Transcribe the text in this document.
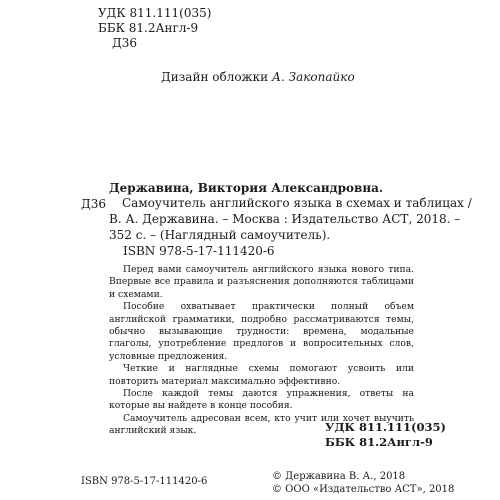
УДК 811.111(035)
ББК 81.2Англ-9
Д36
Дизайн обложки А. Закопайко
Державина, Виктория Александровна.
Д36 Самоучитель английского языка в схемах и таблицах /
В. А. Державина. – Москва : Издательство АСТ, 2018. –
352 с. – (Наглядный самоучитель).
ISBN 978-5-17-111420-6

Перед вами самоучитель английского языка нового типа. Впервые все правила и разъяснения дополняются таблицами и схемами.

Пособие охватывает практически полный объем английской грамматики, подробно рассматриваются темы, обычно вызывающие трудности: времена, модальные глаголы, употребление предлогов и вопросительных слов, условные предложения.

Четкие и наглядные схемы помогают усвоить или повторить материал максимально эффективно.

После каждой темы даются упражнения, ответы на которые вы найдете в конце пособия.

Самоучитель адресован всем, кто учит или хочет выучить английский язык.	УДК 811.111(035)
ББК 81.2Англ-9
ISBN 978-5-17-111420-6	© Державина В. А., 2018
© ООО «Издательство АСТ», 2018
